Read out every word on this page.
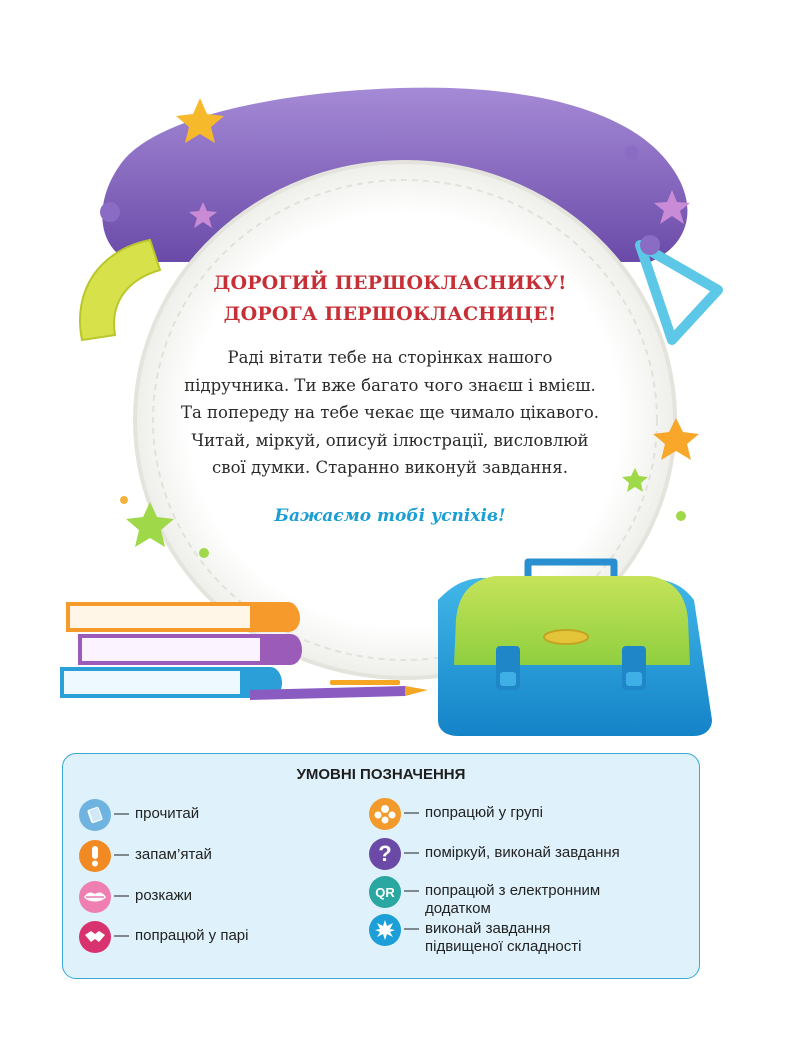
ДОРОГИЙ ПЕРШОКЛАСНИКУ!
ДОРОГА ПЕРШОКЛАСНИЦЕ!
Раді вітати тебе на сторінках нашого
підручника. Ти вже багато чого знаєш і вмієш.
Та попереду на тебе чекає ще чимало цікавого.
Читай, міркуй, описуй ілюстрації, висловлюй
свої думки. Старанно виконуй завдання.
Бажаємо тобі успіхів!
УМОВНІ ПОЗНАЧЕННЯ
— прочитай
— запам’ятай
— розкажи
— попрацюй у парі
— попрацюй у групі
? — поміркуй, виконай завдання
QR — попрацюй з електронним
додатком
— виконай завдання
підвищеної складності
